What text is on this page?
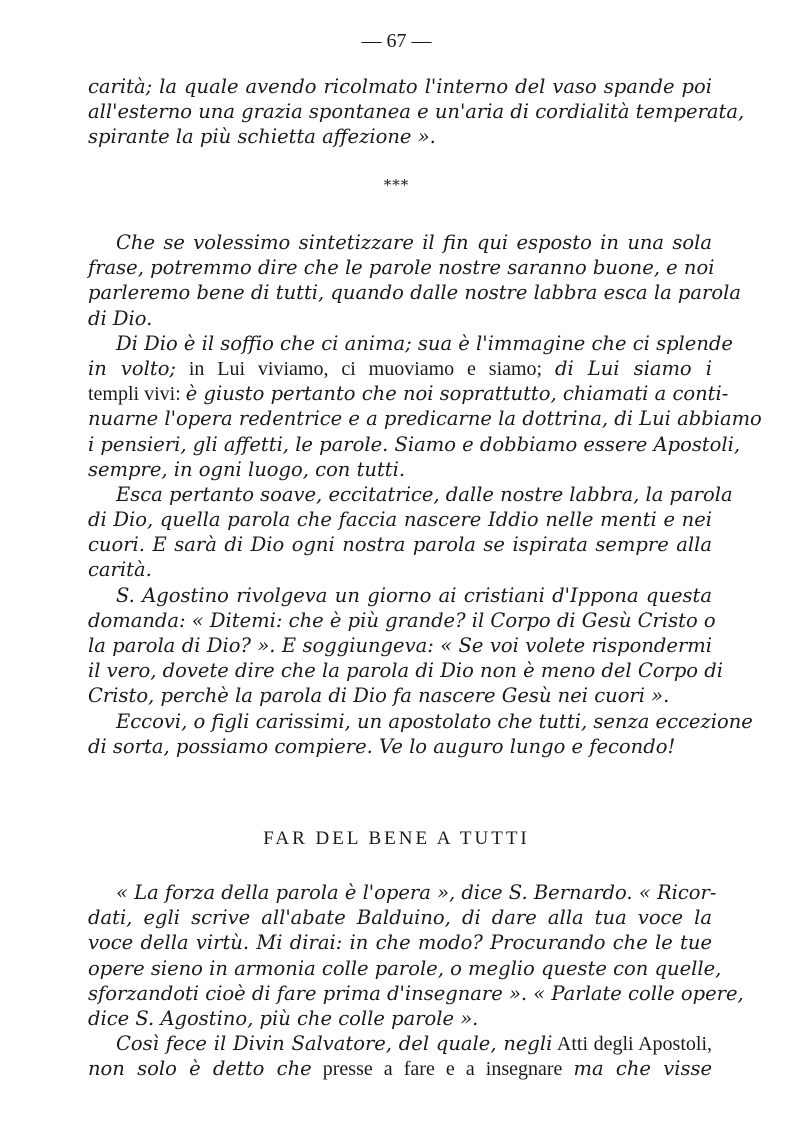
— 67 —
carità; la quale avendo ricolmato l'interno del vaso spande poi
all'esterno una grazia spontanea e un'aria di cordialità temperata,
spirante la più schietta affezione ».
***
Che se volessimo sintetizzare il fin qui esposto in una sola
frase, potremmo dire che le parole nostre saranno buone, e noi
parleremo bene di tutti, quando dalle nostre labbra esca la parola
di Dio.
Di Dio è il soffio che ci anima; sua è l'immagine che ci splende
in volto; in Lui viviamo, ci muoviamo e siamo; di Lui siamo i
templi vivi: è giusto pertanto che noi soprattutto, chiamati a conti-
nuarne l'opera redentrice e a predicarne la dottrina, di Lui abbiamo
i pensieri, gli affetti, le parole. Siamo e dobbiamo essere Apostoli,
sempre, in ogni luogo, con tutti.
Esca pertanto soave, eccitatrice, dalle nostre labbra, la parola
di Dio, quella parola che faccia nascere Iddio nelle menti e nei
cuori. E sarà di Dio ogni nostra parola se ispirata sempre alla
carità.
S. Agostino rivolgeva un giorno ai cristiani d'Ippona questa
domanda: « Ditemi: che è più grande? il Corpo di Gesù Cristo o
la parola di Dio? ». E soggiungeva: « Se voi volete rispondermi
il vero, dovete dire che la parola di Dio non è meno del Corpo di
Cristo, perchè la parola di Dio fa nascere Gesù nei cuori ».
Eccovi, o figli carissimi, un apostolato che tutti, senza eccezione
di sorta, possiamo compiere. Ve lo auguro lungo e fecondo!
FAR DEL BENE A TUTTI
« La forza della parola è l'opera », dice S. Bernardo. « Ricor-
dati, egli scrive all'abate Balduino, di dare alla tua voce la
voce della virtù. Mi dirai: in che modo? Procurando che le tue
opere sieno in armonia colle parole, o meglio queste con quelle,
sforzandoti cioè di fare prima d'insegnare ». « Parlate colle opere,
dice S. Agostino, più che colle parole ».
Così fece il Divin Salvatore, del quale, negli Atti degli Apostoli,
non solo è detto che presse a fare e a insegnare ma che visse
